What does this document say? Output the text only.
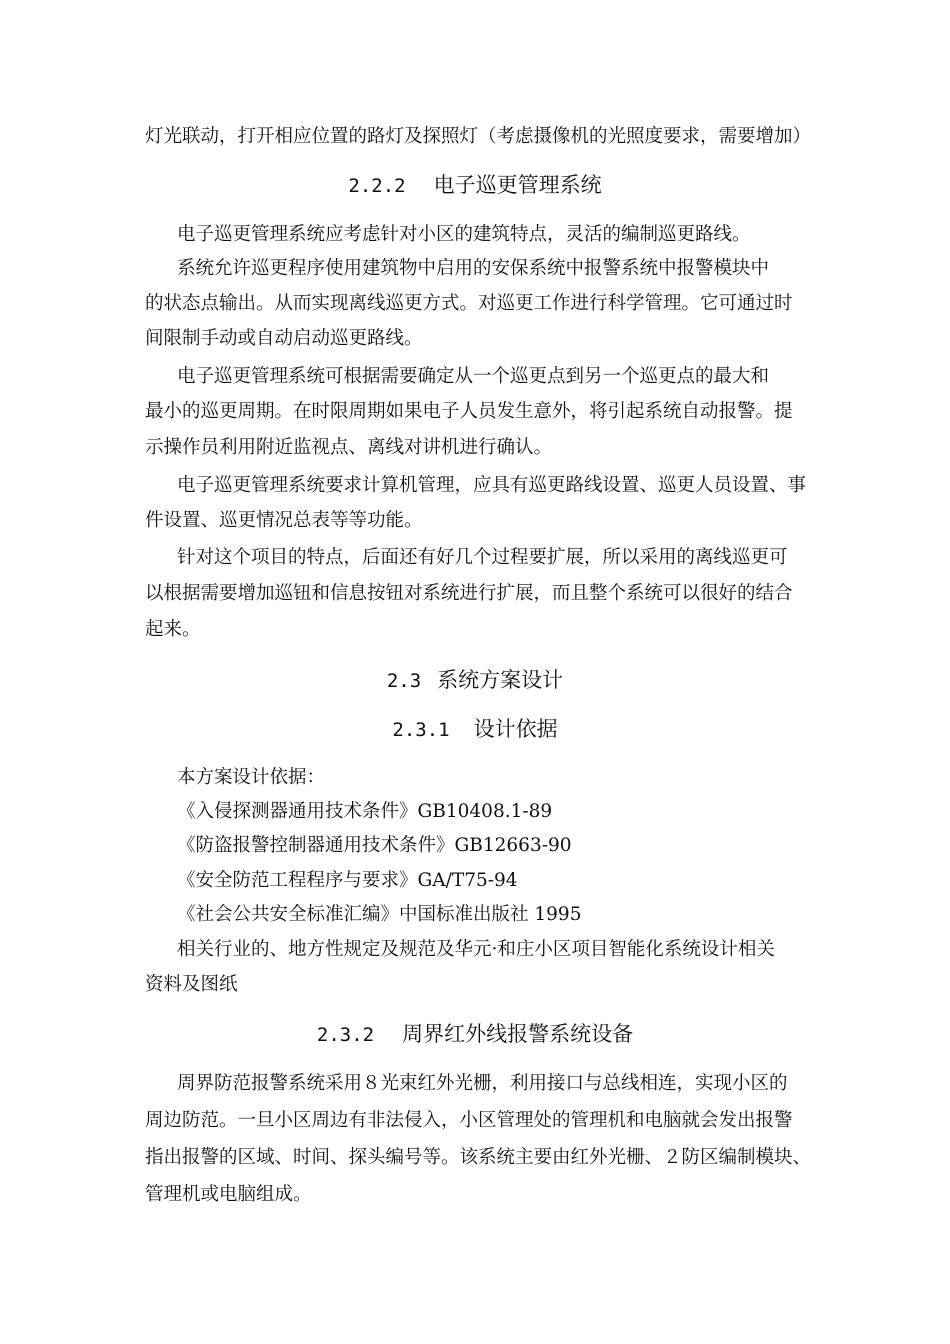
灯光联动，打开相应位置的路灯及探照灯（考虑摄像机的光照度要求，需要增加）
2.2.2 电子巡更管理系统
电子巡更管理系统应考虑针对小区的建筑特点，灵活的编制巡更路线。
系统允许巡更程序使用建筑物中启用的安保系统中报警系统中报警模块中
的状态点输出。从而实现离线巡更方式。对巡更工作进行科学管理。它可通过时
间限制手动或自动启动巡更路线。
电子巡更管理系统可根据需要确定从一个巡更点到另一个巡更点的最大和
最小的巡更周期。在时限周期如果电子人员发生意外，将引起系统自动报警。提
示操作员利用附近监视点、离线对讲机进行确认。
电子巡更管理系统要求计算机管理，应具有巡更路线设置、巡更人员设置、事
件设置、巡更情况总表等等功能。
针对这个项目的特点，后面还有好几个过程要扩展，所以采用的离线巡更可
以根据需要增加巡钮和信息按钮对系统进行扩展，而且整个系统可以很好的结合
起来。
2.3 系统方案设计
2.3.1 设计依据
本方案设计依据：
《入侵探测器通用技术条件》GB10408.1-89
《防盗报警控制器通用技术条件》GB12663-90
《安全防范工程程序与要求》GA/T75-94
《社会公共安全标准汇编》中国标准出版社 1995
相关行业的、地方性规定及规范及华元·和庄小区项目智能化系统设计相关
资料及图纸
2.3.2 周界红外线报警系统设备
周界防范报警系统采用８光束红外光栅，利用接口与总线相连，实现小区的
周边防范。一旦小区周边有非法侵入，小区管理处的管理机和电脑就会发出报警
指出报警的区域、时间、探头编号等。该系统主要由红外光栅、２防区编制模块、
管理机或电脑组成。
